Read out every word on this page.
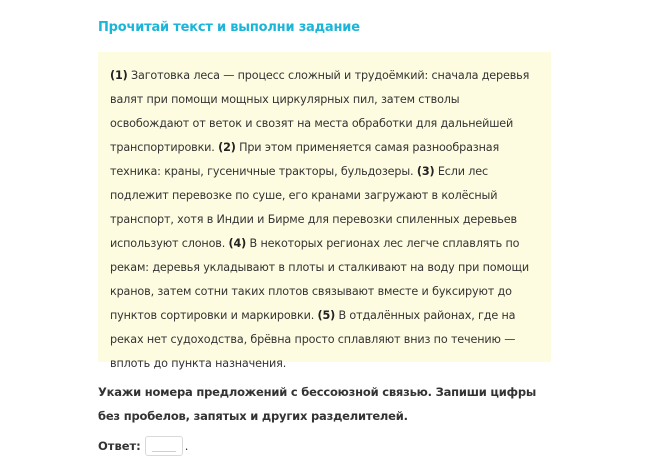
Прочитай текст и выполни задание
(1) Заготовка леса — процесс сложный и трудоёмкий: сначала деревья валят при помощи мощных циркулярных пил, затем стволы освобождают от веток и свозят на места обработки для дальнейшей транспортировки. (2) При этом применяется самая разнообразная техника: краны, гусеничные тракторы, бульдозеры. (3) Если лес подлежит перевозке по суше, его кранами загружают в колёсный транспорт, хотя в Индии и Бирме для перевозки спиленных деревьев используют слонов. (4) В некоторых регионах лес легче сплавлять по рекам: деревья укладывают в плоты и сталкивают на воду при помощи кранов, затем сотни таких плотов связывают вместе и буксируют до пунктов сортировки и маркировки. (5) В отдалённых районах, где на реках нет судоходства, брёвна просто сплавляют вниз по течению — вплоть до пункта назначения.
Укажи номера предложений с бессоюзной связью. Запиши цифры без пробелов, запятых и других разделителей.
Ответ:	.
